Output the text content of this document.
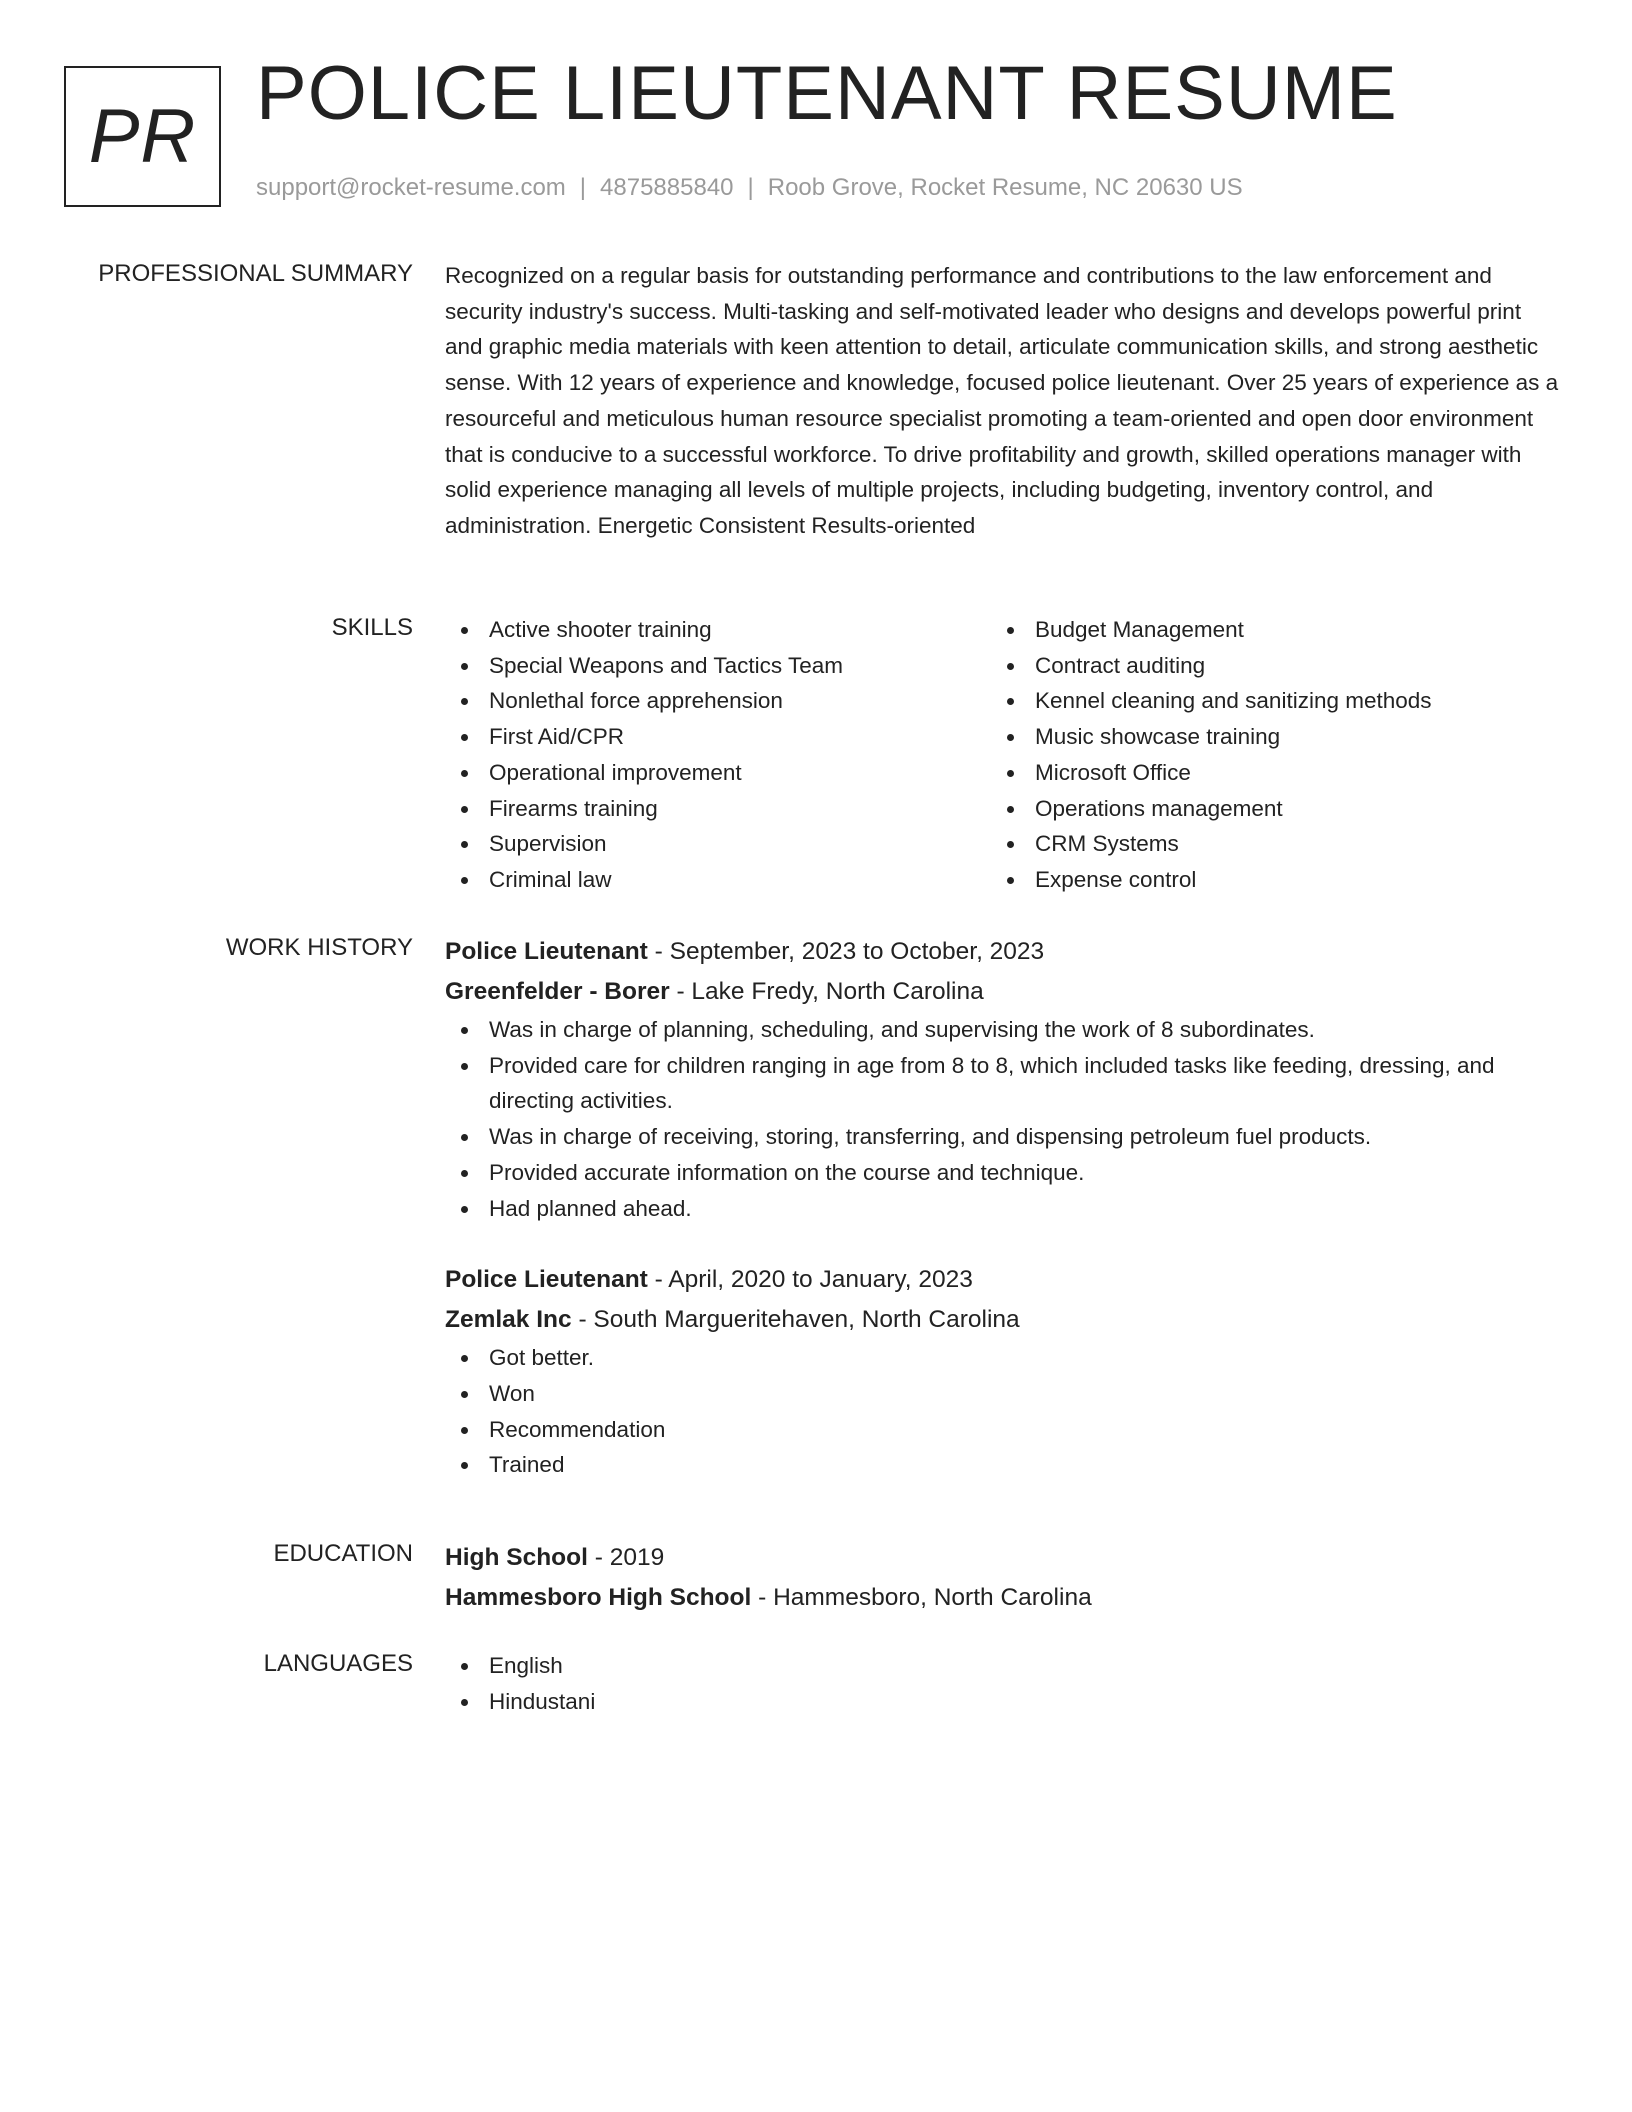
PR
POLICE LIEUTENANT RESUME
support@rocket-resume.com | 4875885840 | Roob Grove, Rocket Resume, NC 20630 US
PROFESSIONAL SUMMARY Recognized on a regular basis for outstanding performance and contributions to the law enforcement and security industry's success. Multi-tasking and self-motivated leader who designs and develops powerful print and graphic media materials with keen attention to detail, articulate communication skills, and strong aesthetic sense. With 12 years of experience and knowledge, focused police lieutenant. Over 25 years of experience as a resourceful and meticulous human resource specialist promoting a team-oriented and open door environment that is conducive to a successful workforce. To drive profitability and growth, skilled operations manager with solid experience managing all levels of multiple projects, including budgeting, inventory control, and administration. Energetic Consistent Results-oriented

SKILLS	Active shooter training
Special Weapons and Tactics Team
Nonlethal force apprehension
First Aid/CPR
Operational improvement
Firearms training
Supervision
Criminal law
Budget Management
Contract auditing
Kennel cleaning and sanitizing methods
Music showcase training
Microsoft Office
Operations management
CRM Systems
Expense control
WORK HISTORY Police Lieutenant - September, 2023 to October, 2023
Greenfelder - Borer - Lake Fredy, North Carolina
Was in charge of planning, scheduling, and supervising the work of 8 subordinates.
Provided care for children ranging in age from 8 to 8, which included tasks like feeding, dressing, and directing activities.
Was in charge of receiving, storing, transferring, and dispensing petroleum fuel products.
Provided accurate information on the course and technique.
Had planned ahead.
Police Lieutenant - April, 2020 to January, 2023
Zemlak Inc - South Margueritehaven, North Carolina
Got better.
Won
Recommendation
Trained
EDUCATION High School - 2019
Hammesboro High School - Hammesboro, North Carolina
LANGUAGES	English
Hindustani
